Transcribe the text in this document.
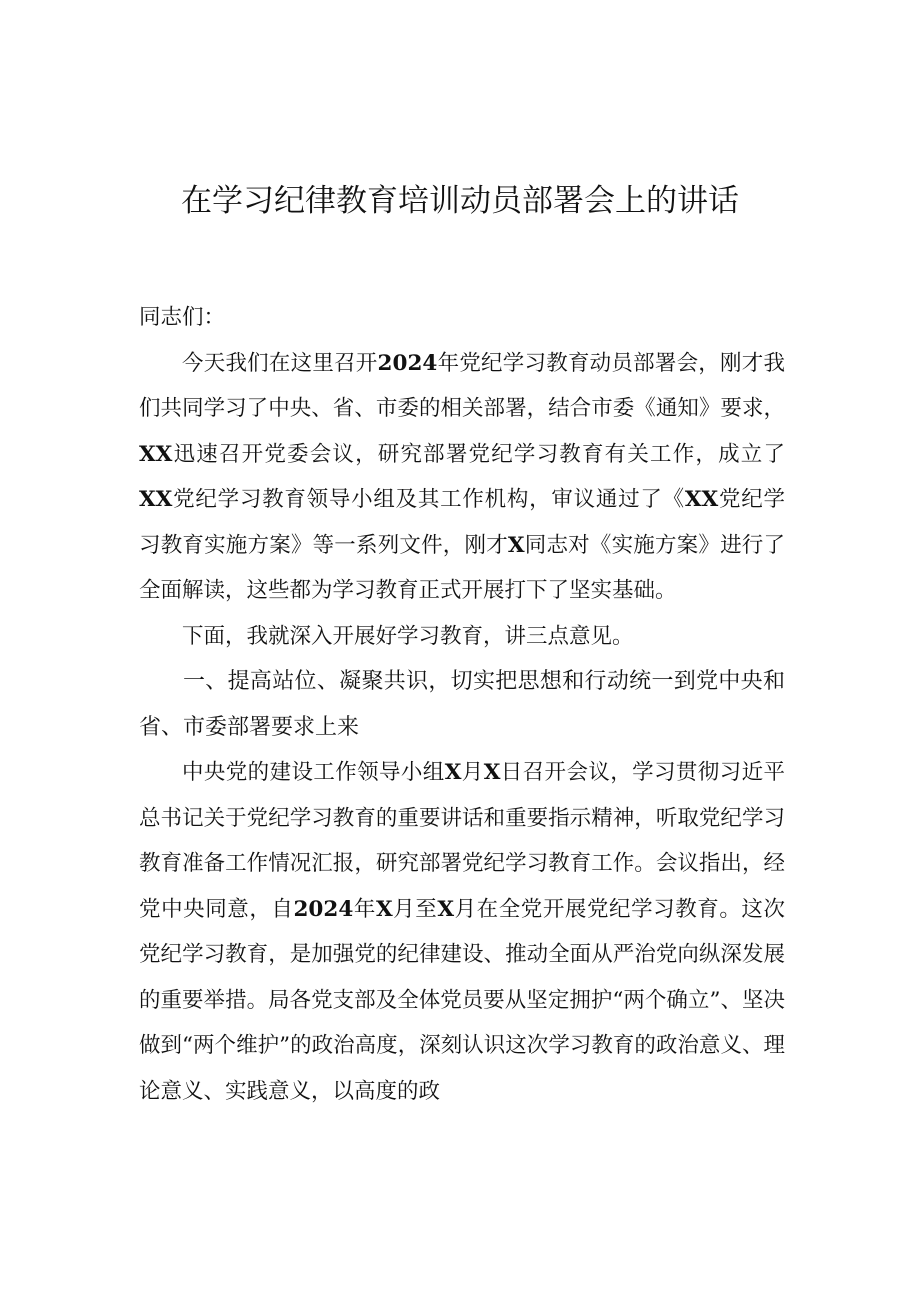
在学习纪律教育培训动员部署会上的讲话

同志们：

今天我们在这里召开2024年党纪学习教育动员部署会，刚才我们共同学习了中央、省、市委的相关部署，结合市委《通知》要求，XX迅速召开党委会议，研究部署党纪学习教育有关工作，成立了XX党纪学习教育领导小组及其工作机构，审议通过了《XX党纪学习教育实施方案》等一系列文件，刚才X同志对《实施方案》进行了全面解读，这些都为学习教育正式开展打下了坚实基础。

下面，我就深入开展好学习教育，讲三点意见。

一、提高站位、凝聚共识，切实把思想和行动统一到党中央和省、市委部署要求上来

中央党的建设工作领导小组X月X日召开会议，学习贯彻习近平总书记关于党纪学习教育的重要讲话和重要指示精神，听取党纪学习教育准备工作情况汇报，研究部署党纪学习教育工作。会议指出，经党中央同意，自2024年X月至X月在全党开展党纪学习教育。这次党纪学习教育，是加强党的纪律建设、推动全面从严治党向纵深发展的重要举措。局各党支部及全体党员要从坚定拥护“两个确立”、坚决做到“两个维护”的政治高度，深刻认识这次学习教育的政治意义、理论意义、实践意义，以高度的政
